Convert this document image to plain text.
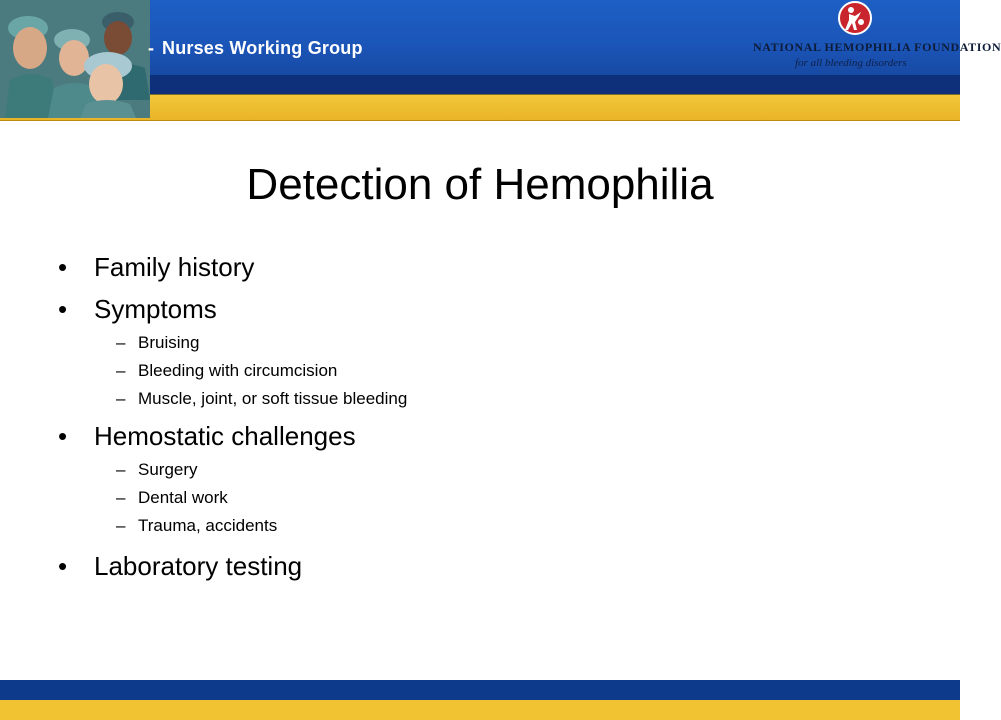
- Nurses Working Group	NATIONAL HEMOPHILIA FOUNDATION
for all bleeding disorders
Detection of Hemophilia
• Family history
• Symptoms
– Bruising
– Bleeding with circumcision
– Muscle, joint, or soft tissue bleeding
• Hemostatic challenges
– Surgery
– Dental work
– Trauma, accidents
• Laboratory testing
